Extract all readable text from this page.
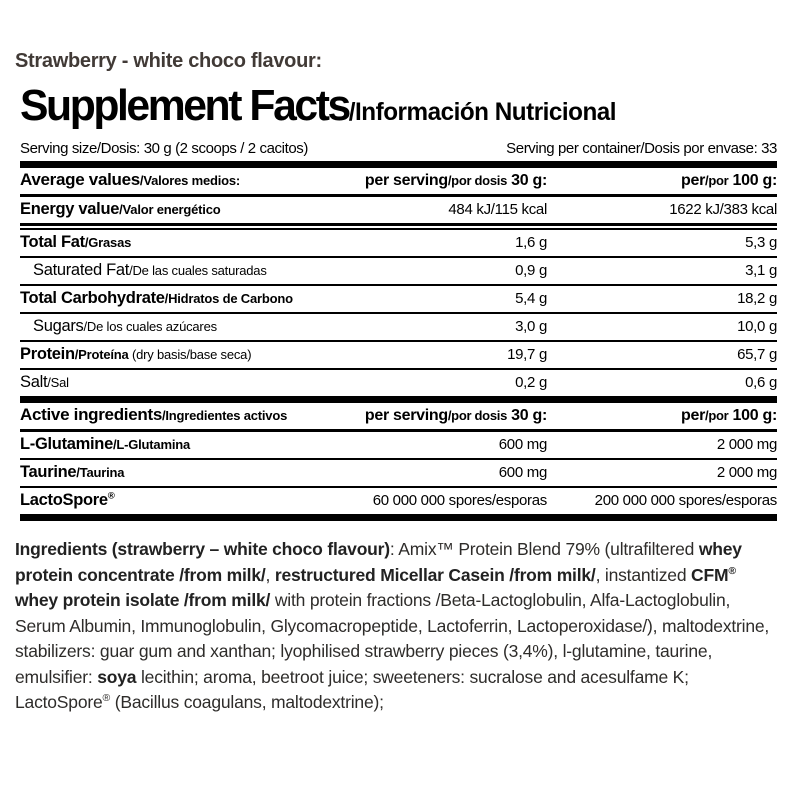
Strawberry - white choco flavour:
Supplement Facts/Información Nutricional
Serving size/Dosis: 30 g (2 scoops / 2 cacitos)	Serving per container/Dosis por envase: 33
Average values/Valores medios:	per serving/por dosis 30 g:	per/por 100 g:
Energy value/Valor energético	484 kJ/115 kcal	1622 kJ/383 kcal
Total Fat/Grasas	1,6 g	5,3 g
Saturated Fat/De las cuales saturadas	0,9 g	3,1 g
Total Carbohydrate/Hidratos de Carbono	5,4 g	18,2 g
Sugars/De los cuales azúcares	3,0 g	10,0 g
Protein/Proteína (dry basis/base seca)	19,7 g	65,7 g
Salt/Sal	0,2 g	0,6 g
Active ingredients/Ingredientes activos	per serving/por dosis 30 g:	per/por 100 g:
L-Glutamine/L-Glutamina	600 mg	2 000 mg
Taurine/Taurina	600 mg	2 000 mg
LactoSpore®	60 000 000 spores/esporas	200 000 000 spores/esporas
Ingredients (strawberry – white choco flavour): Amix™ Protein Blend 79% (ultrafiltered whey protein concentrate /from milk/, restructured Micellar Casein /from milk/, instantized CFM® whey protein isolate /from milk/ with protein fractions /Beta-Lactoglobulin, Alfa-Lactoglobulin, Serum Albumin, Immunoglobulin, Glycomacropeptide, Lactoferrin, Lactoperoxidase/), maltodextrine, stabilizers: guar gum and xanthan; lyophilised strawberry pieces (3,4%), l-glutamine, taurine, emulsifier: soya lecithin; aroma, beetroot juice; sweeteners: sucralose and acesulfame K; LactoSpore® (Bacillus coagulans, maltodextrine);
